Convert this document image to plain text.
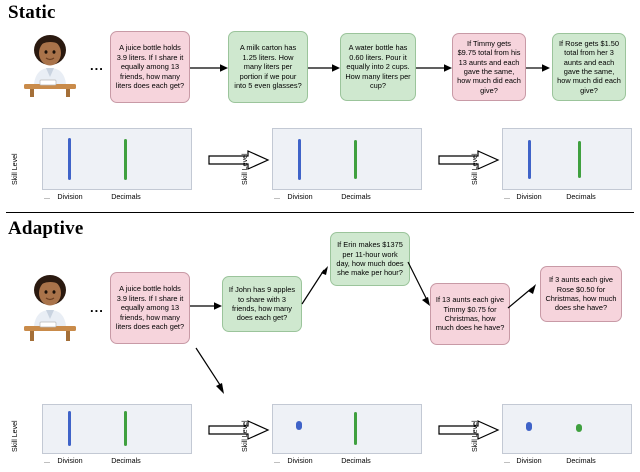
Static
...
A juice bottle holds 3.9 liters. If I share it equally among 13 friends, how many liters does each get?
A milk carton has 1.25 liters. How many liters per portion if we pour into 5 even glasses?
A water bottle has 0.60 liters. Pour it equally into 2 cups. How many liters per cup?
If Timmy gets $9.75 total from his 13 aunts and each gave the same, how much did each give?
If Rose gets $1.50 total from her 3 aunts and each gave the same, how much did each give?
Skill Level
...	Division	Decimals
Skill Level
...	Division	Decimals
Skill Level
... Division	Decimals
Adaptive
...
A juice bottle holds 3.9 liters. If I share it equally among 13 friends, how many liters does each get?
If John has 9 apples to share with 3 friends, how many does each get?
If Erin makes $1375 per 11-hour work day, how much does she make per hour?
If 13 aunts each give Timmy $0.75 for Christmas, how much does he have?
If 3 aunts each give Rose $0.50 for Christmas, how much does she have?
Skill Level
...	Division	Decimals
Skill Level
...	Division	Decimals
Skill Level
... Division	Decimals
